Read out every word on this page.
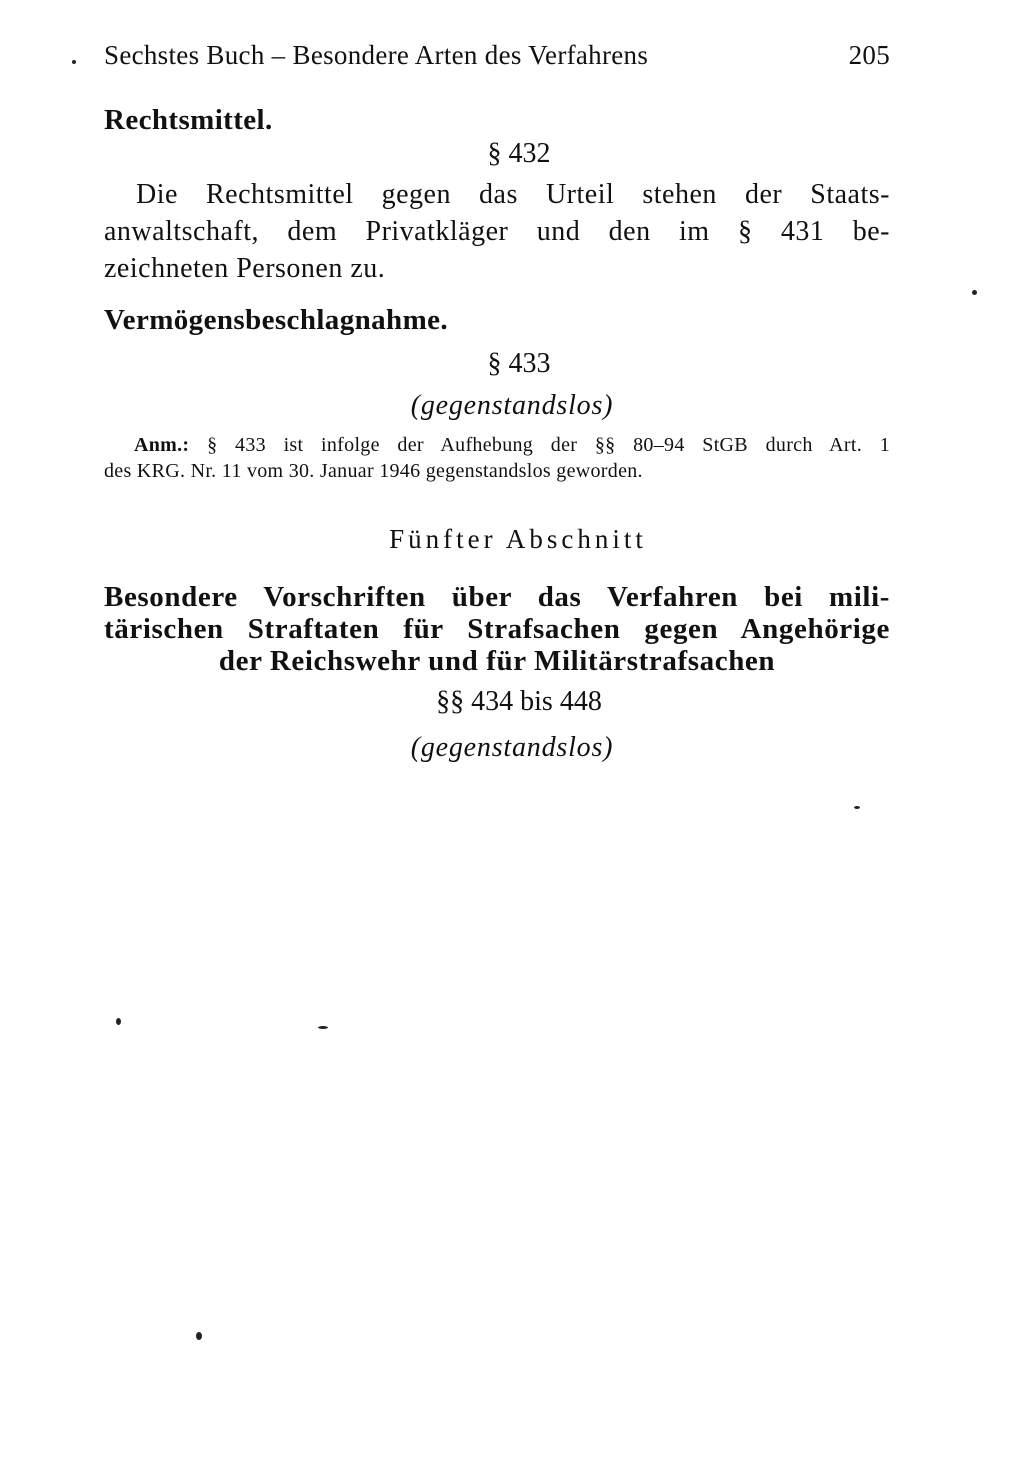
Sechstes Buch – Besondere Arten des Verfahrens	205
Rechtsmittel.
§ 432
Die Rechtsmittel gegen das Urteil stehen der Staats-
anwaltschaft, dem Privatkläger und den im § 431 be-
zeichneten Personen zu.
Vermögensbeschlagnahme.
§ 433
(gegenstandslos)
Anm.: § 433 ist infolge der Aufhebung der §§ 80–94 StGB durch Art. 1
des KRG. Nr. 11 vom 30. Januar 1946 gegenstandslos geworden.
Fünfter Abschnitt
Besondere Vorschriften über das Verfahren bei mili-
tärischen Straftaten für Strafsachen gegen Angehörige
der Reichswehr und für Militärstrafsachen
§§ 434 bis 448
(gegenstandslos)
